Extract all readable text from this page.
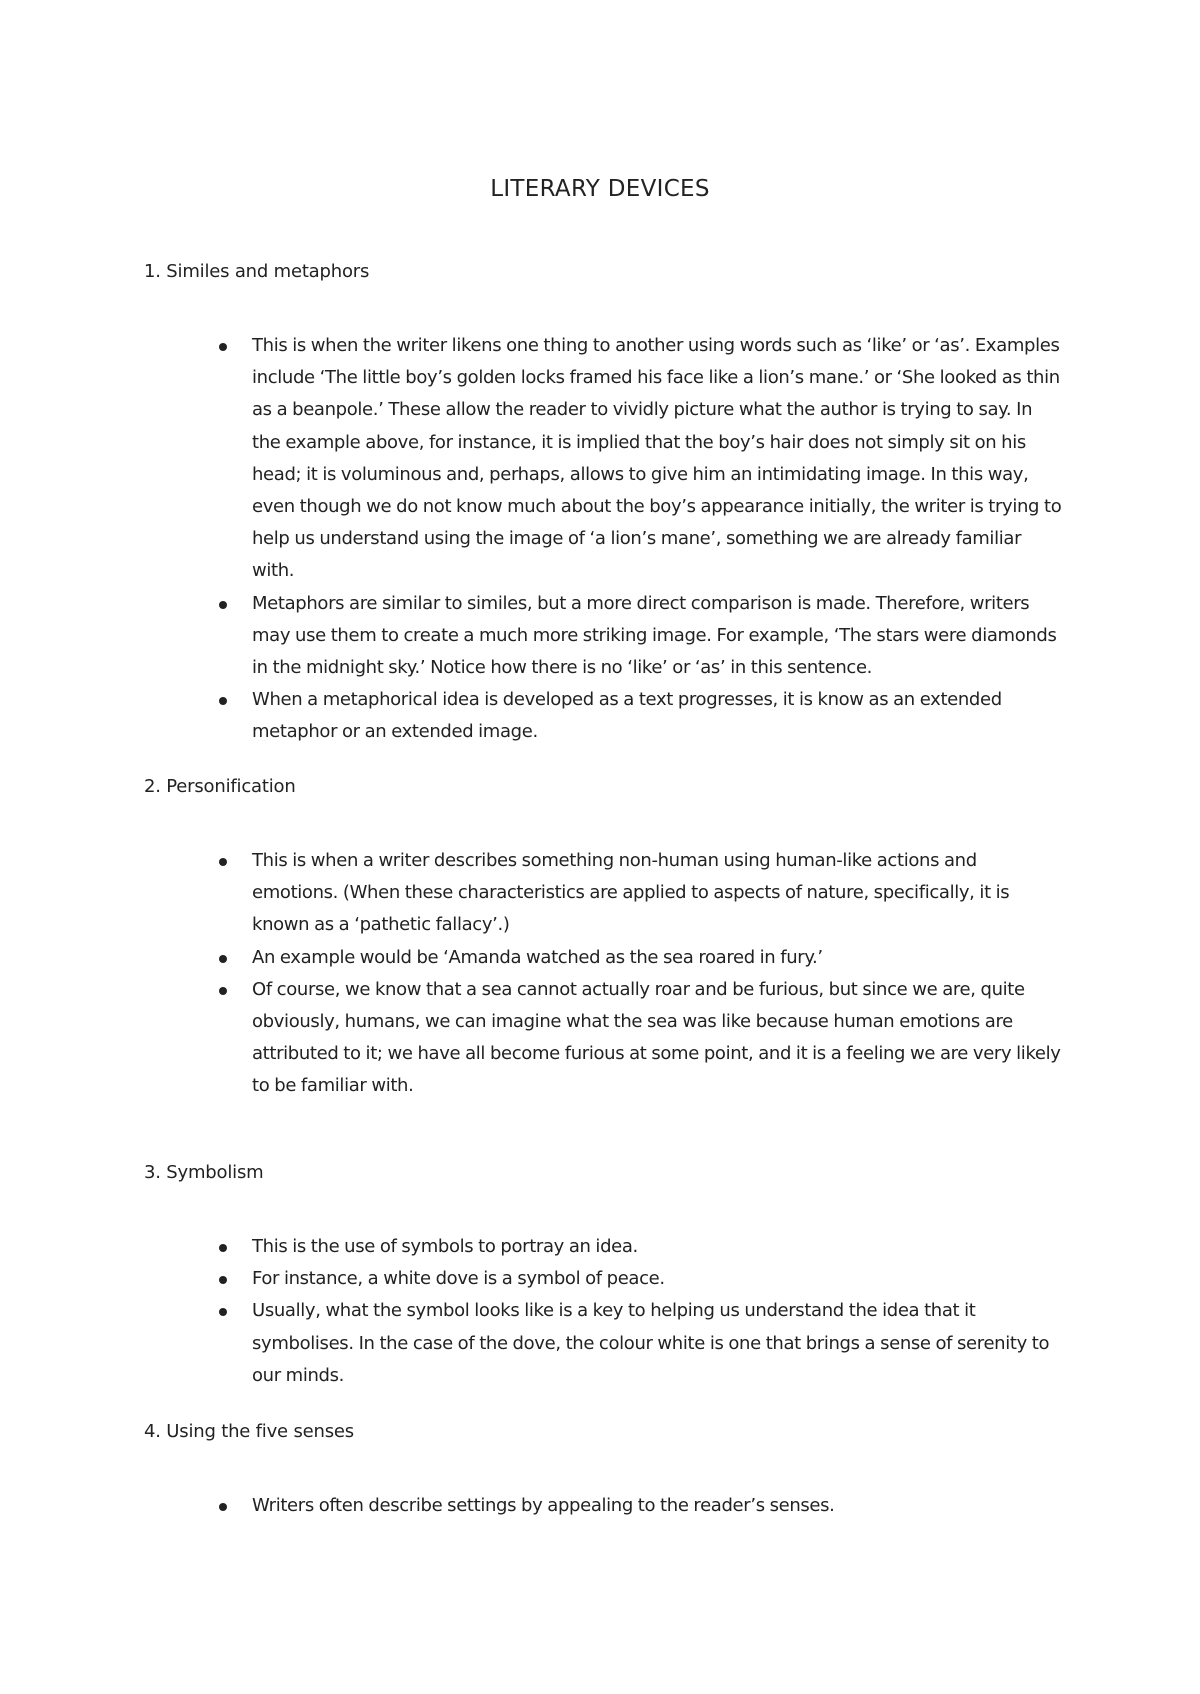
LITERARY DEVICES
1. Similes and metaphors
This is when the writer likens one thing to another using words such as ‘like’ or ‘as’. Examples include ‘The little boy’s golden locks framed his face like a lion’s mane.’ or ‘She looked as thin as a beanpole.’ These allow the reader to vividly picture what the author is trying to say. In the example above, for instance, it is implied that the boy’s hair does not simply sit on his head; it is voluminous and, perhaps, allows to give him an intimidating image. In this way, even though we do not know much about the boy’s appearance initially, the writer is trying to help us understand using the image of ‘a lion’s mane’, something we are already familiar with.
Metaphors are similar to similes, but a more direct comparison is made. Therefore, writers may use them to create a much more striking image. For example, ‘The stars were diamonds in the midnight sky.’ Notice how there is no ‘like’ or ‘as’ in this sentence.
When a metaphorical idea is developed as a text progresses, it is know as an extended metaphor or an extended image.
2. Personification
This is when a writer describes something non-human using human-like actions and emotions. (When these characteristics are applied to aspects of nature, specifically, it is known as a ‘pathetic fallacy’.)
An example would be ‘Amanda watched as the sea roared in fury.’
Of course, we know that a sea cannot actually roar and be furious, but since we are, quite obviously, humans, we can imagine what the sea was like because human emotions are attributed to it; we have all become furious at some point, and it is a feeling we are very likely to be familiar with.
3. Symbolism
This is the use of symbols to portray an idea.
For instance, a white dove is a symbol of peace.
Usually, what the symbol looks like is a key to helping us understand the idea that it symbolises. In the case of the dove, the colour white is one that brings a sense of serenity to our minds.
4. Using the five senses
Writers often describe settings by appealing to the reader’s senses.
